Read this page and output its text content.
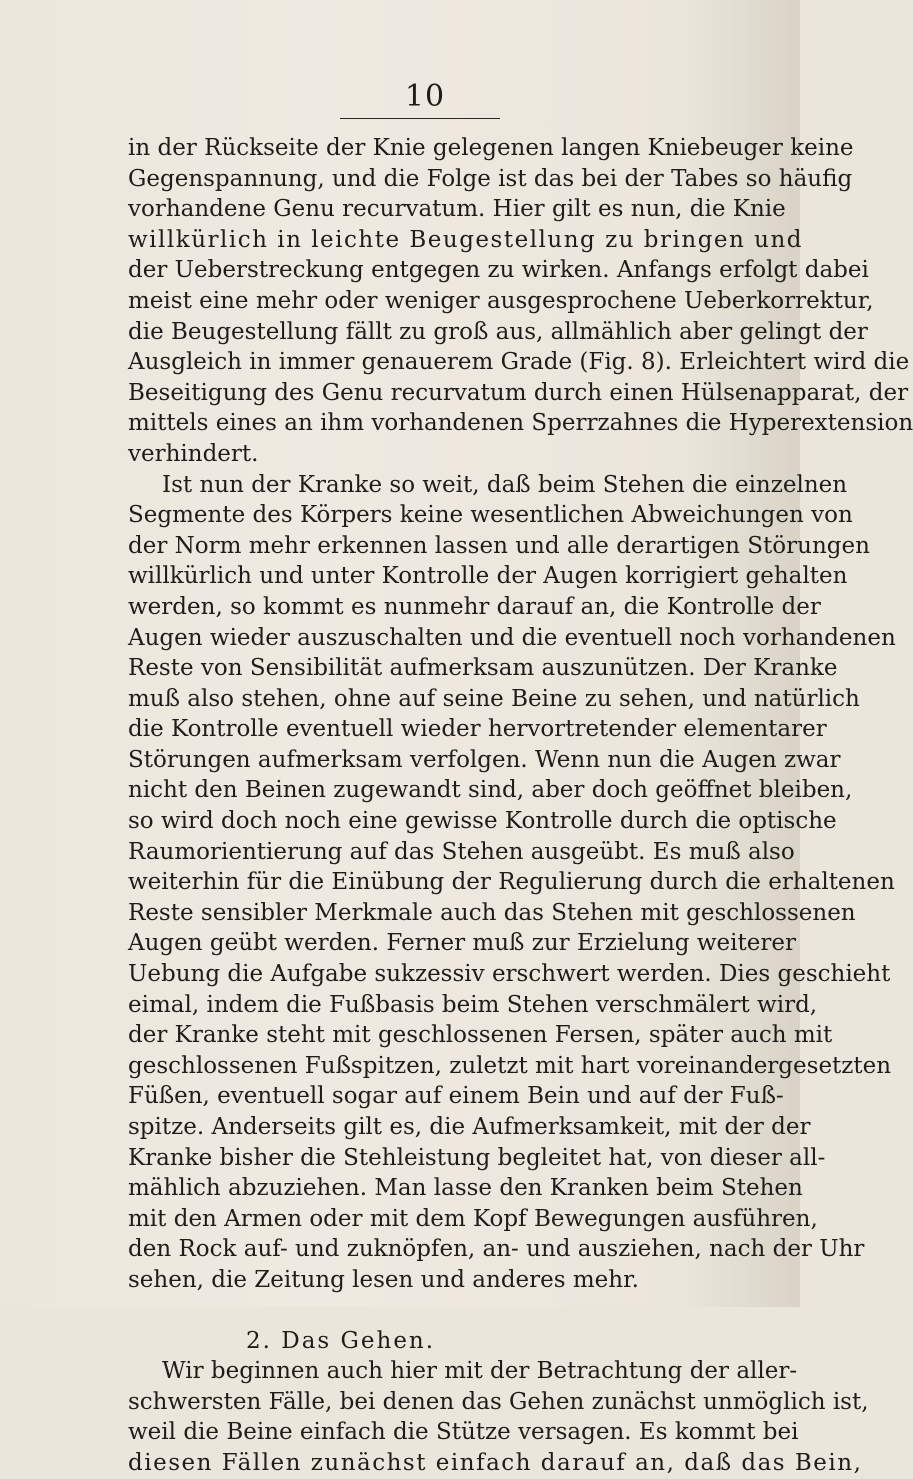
10
in der Rückseite der Knie gelegenen langen Kniebeuger keine
Gegenspannung, und die Folge ist das bei der Tabes so häufig
vorhandene Genu recurvatum. Hier gilt es nun, die Knie
willkürlich in leichte Beugestellung zu bringen und
der Ueberstreckung entgegen zu wirken. Anfangs erfolgt dabei
meist eine mehr oder weniger ausgesprochene Ueberkorrektur,
die Beugestellung fällt zu groß aus, allmählich aber gelingt der
Ausgleich in immer genauerem Grade (Fig. 8). Erleichtert wird die
Beseitigung des Genu recurvatum durch einen Hülsenapparat, der
mittels eines an ihm vorhandenen Sperrzahnes die Hyperextension
verhindert.
Ist nun der Kranke so weit, daß beim Stehen die einzelnen
Segmente des Körpers keine wesentlichen Abweichungen von
der Norm mehr erkennen lassen und alle derartigen Störungen
willkürlich und unter Kontrolle der Augen korrigiert gehalten
werden, so kommt es nunmehr darauf an, die Kontrolle der
Augen wieder auszuschalten und die eventuell noch vorhandenen
Reste von Sensibilität aufmerksam auszunützen. Der Kranke
muß also stehen, ohne auf seine Beine zu sehen, und natürlich
die Kontrolle eventuell wieder hervortretender elementarer
Störungen aufmerksam verfolgen. Wenn nun die Augen zwar
nicht den Beinen zugewandt sind, aber doch geöffnet bleiben,
so wird doch noch eine gewisse Kontrolle durch die optische
Raumorientierung auf das Stehen ausgeübt. Es muß also
weiterhin für die Einübung der Regulierung durch die erhaltenen
Reste sensibler Merkmale auch das Stehen mit geschlossenen
Augen geübt werden. Ferner muß zur Erzielung weiterer
Uebung die Aufgabe sukzessiv erschwert werden. Dies geschieht
eimal, indem die Fußbasis beim Stehen verschmälert wird,
der Kranke steht mit geschlossenen Fersen, später auch mit
geschlossenen Fußspitzen, zuletzt mit hart voreinandergesetzten
Füßen, eventuell sogar auf einem Bein und auf der Fuß-
spitze. Anderseits gilt es, die Aufmerksamkeit, mit der der
Kranke bisher die Stehleistung begleitet hat, von dieser all-
mählich abzuziehen. Man lasse den Kranken beim Stehen
mit den Armen oder mit dem Kopf Bewegungen ausführen,
den Rock auf- und zuknöpfen, an- und ausziehen, nach der Uhr
sehen, die Zeitung lesen und anderes mehr.
2. Das Gehen.
Wir beginnen auch hier mit der Betrachtung der aller-
schwersten Fälle, bei denen das Gehen zunächst unmöglich ist,
weil die Beine einfach die Stütze versagen. Es kommt bei
diesen Fällen zunächst einfach darauf an, daß das Bein,
